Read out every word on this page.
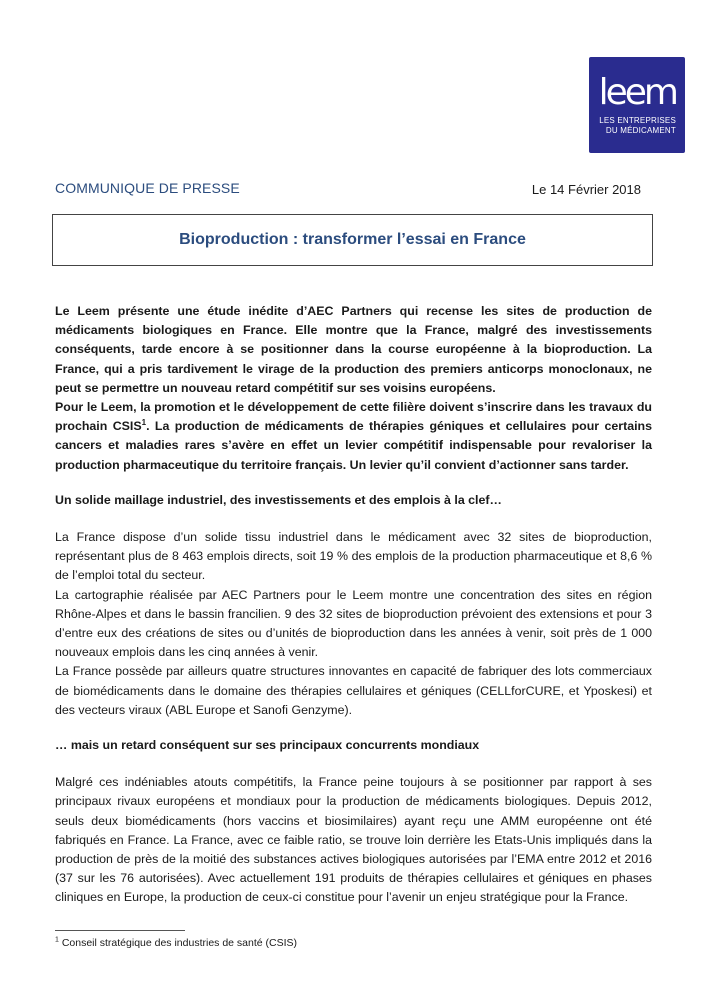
leem
LES ENTREPRISES
DU MÉDICAMENT
COMMUNIQUE DE PRESSE	Le 14 Février 2018
Bioproduction : transformer l’essai en France

Le Leem présente une étude inédite d’AEC Partners qui recense les sites de production de médicaments biologiques en France. Elle montre que la France, malgré des investissements conséquents, tarde encore à se positionner dans la course européenne à la bioproduction. La France, qui a pris tardivement le virage de la production des premiers anticorps monoclonaux, ne peut se permettre un nouveau retard compétitif sur ses voisins européens.

Pour le Leem, la promotion et le développement de cette filière doivent s’inscrire dans les travaux du prochain CSIS$^1$. La production de médicaments de thérapies géniques et cellulaires pour certains cancers et maladies rares s’avère en effet un levier compétitif indispensable pour revaloriser la production pharmaceutique du territoire français. Un levier qu’il convient d’actionner sans tarder.

Un solide maillage industriel, des investissements et des emplois à la clef…

La France dispose d’un solide tissu industriel dans le médicament avec 32 sites de bioproduction, représentant plus de 8 463 emplois directs, soit 19 % des emplois de la production pharmaceutique et 8,6 % de l’emploi total du secteur.

La cartographie réalisée par AEC Partners pour le Leem montre une concentration des sites en région Rhône-Alpes et dans le bassin francilien. 9 des 32 sites de bioproduction prévoient des extensions et pour 3 d’entre eux des créations de sites ou d’unités de bioproduction dans les années à venir, soit près de 1 000 nouveaux emplois dans les cinq années à venir.

La France possède par ailleurs quatre structures innovantes en capacité de fabriquer des lots commerciaux de biomédicaments dans le domaine des thérapies cellulaires et géniques (CELLforCURE, et Yposkesi) et des vecteurs viraux (ABL Europe et Sanofi Genzyme).

… mais un retard conséquent sur ses principaux concurrents mondiaux

Malgré ces indéniables atouts compétitifs, la France peine toujours à se positionner par rapport à ses principaux rivaux européens et mondiaux pour la production de médicaments biologiques. Depuis 2012, seuls deux biomédicaments (hors vaccins et biosimilaires) ayant reçu une AMM européenne ont été fabriqués en France. La France, avec ce faible ratio, se trouve loin derrière les Etats-Unis impliqués dans la production de près de la moitié des substances actives biologiques autorisées par l’EMA entre 2012 et 2016 (37 sur les 76 autorisées). Avec actuellement 191 produits de thérapies cellulaires et géniques en phases cliniques en Europe, la production de ceux-ci constitue pour l’avenir un enjeu stratégique pour la France.

$^1$ Conseil stratégique des industries de santé (CSIS)
